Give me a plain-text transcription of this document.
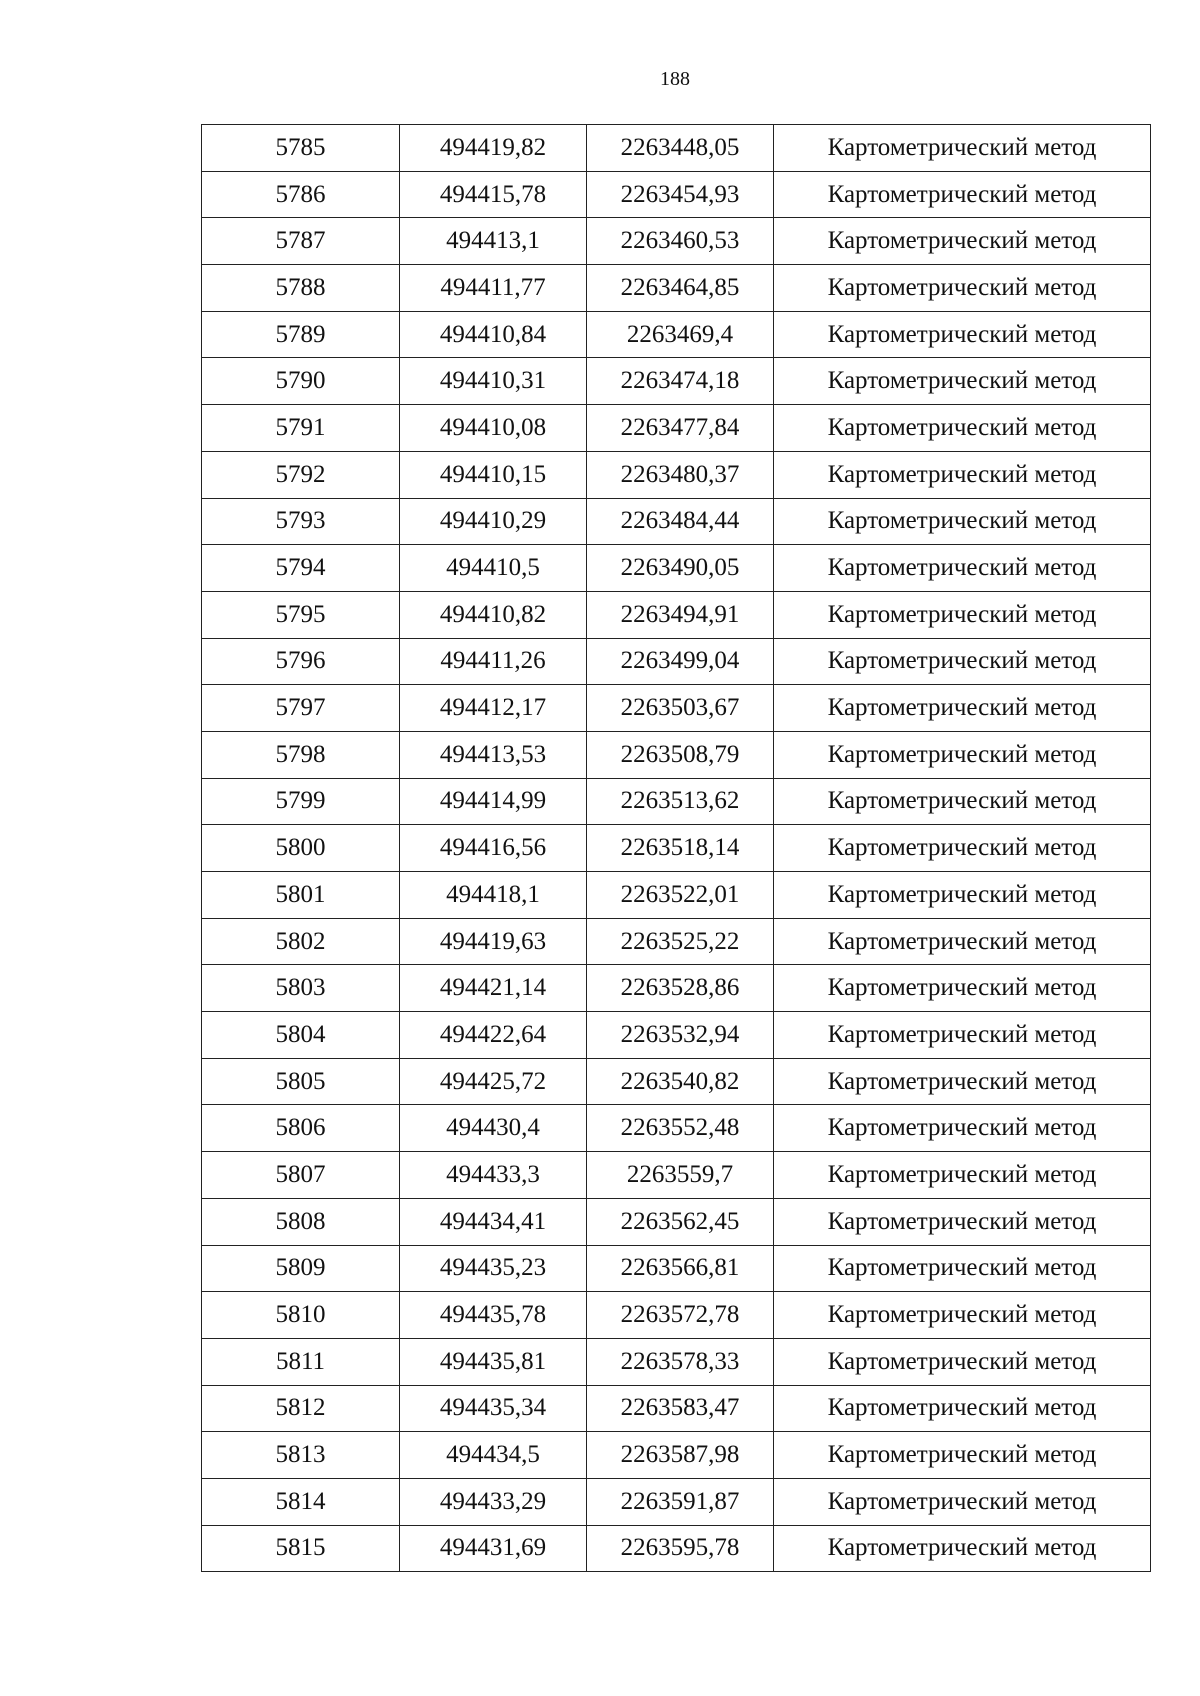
188
5785	494419,82	2263448,05	Картометрический метод
5786	494415,78	2263454,93	Картометрический метод
5787	494413,1	2263460,53	Картометрический метод
5788	494411,77	2263464,85	Картометрический метод
5789	494410,84	2263469,4	Картометрический метод
5790	494410,31	2263474,18	Картометрический метод
5791	494410,08	2263477,84	Картометрический метод
5792	494410,15	2263480,37	Картометрический метод
5793	494410,29	2263484,44	Картометрический метод
5794	494410,5	2263490,05	Картометрический метод
5795	494410,82	2263494,91	Картометрический метод
5796	494411,26	2263499,04	Картометрический метод
5797	494412,17	2263503,67	Картометрический метод
5798	494413,53	2263508,79	Картометрический метод
5799	494414,99	2263513,62	Картометрический метод
5800	494416,56	2263518,14	Картометрический метод
5801	494418,1	2263522,01	Картометрический метод
5802	494419,63	2263525,22	Картометрический метод
5803	494421,14	2263528,86	Картометрический метод
5804	494422,64	2263532,94	Картометрический метод
5805	494425,72	2263540,82	Картометрический метод
5806	494430,4	2263552,48	Картометрический метод
5807	494433,3	2263559,7	Картометрический метод
5808	494434,41	2263562,45	Картометрический метод
5809	494435,23	2263566,81	Картометрический метод
5810	494435,78	2263572,78	Картометрический метод
5811	494435,81	2263578,33	Картометрический метод
5812	494435,34	2263583,47	Картометрический метод
5813	494434,5	2263587,98	Картометрический метод
5814	494433,29	2263591,87	Картометрический метод
5815	494431,69	2263595,78	Картометрический метод
